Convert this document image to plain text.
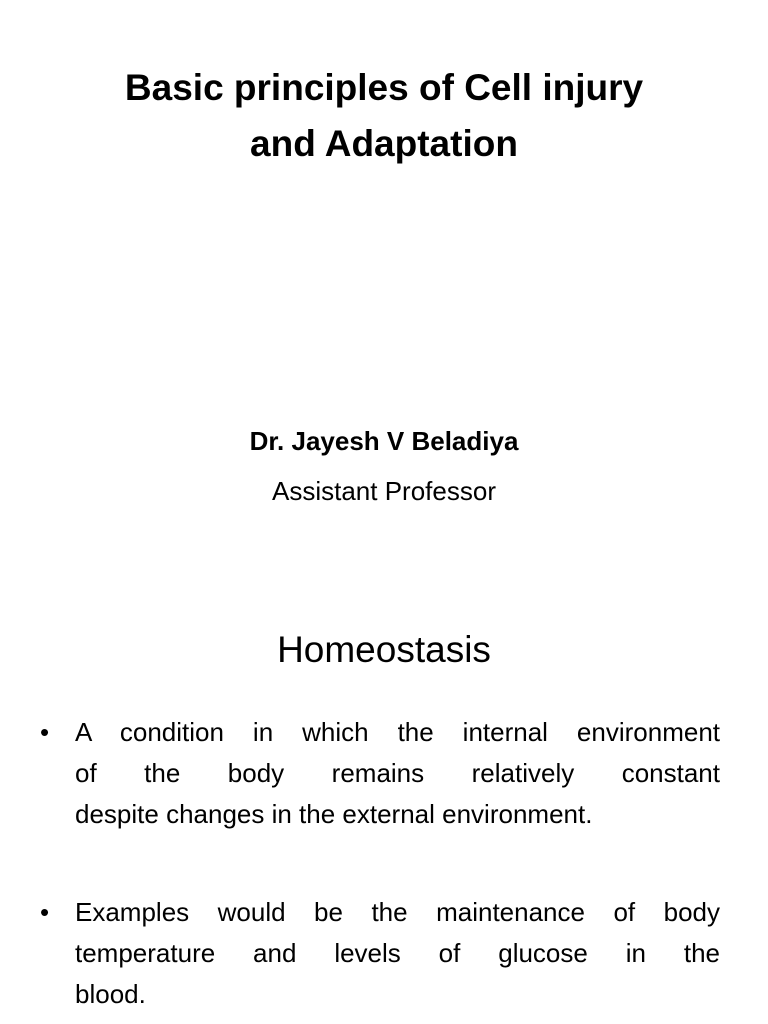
Basic principles of Cell injury
and Adaptation
Dr. Jayesh V Beladiya
Assistant Professor
Homeostasis
• A condition in which the internal environment
of the body remains relatively constant
despite changes in the external environment.
• Examples would be the maintenance of body
temperature and levels of glucose in the
blood.
